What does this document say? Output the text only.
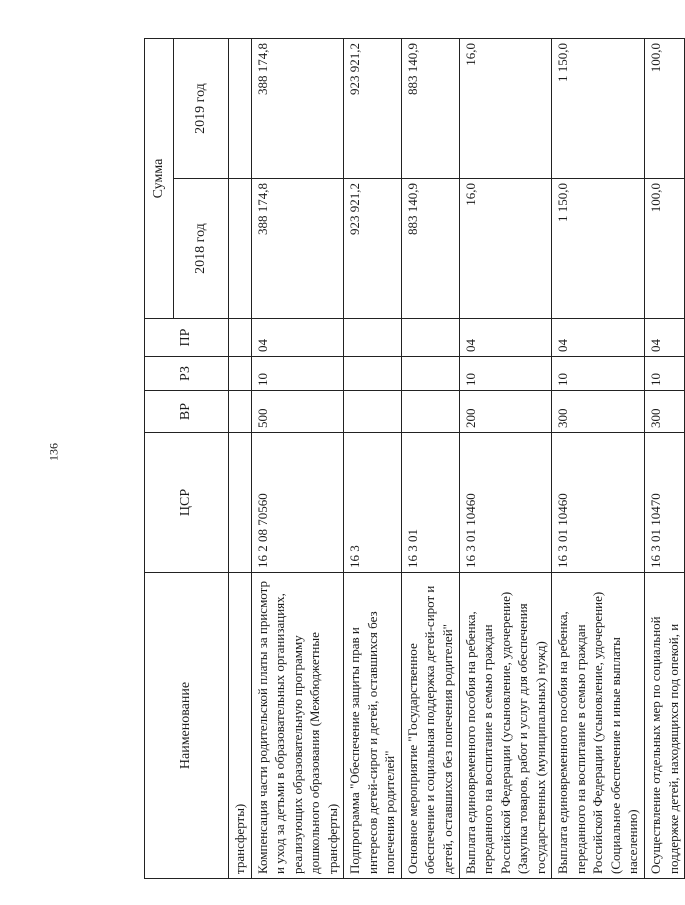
136
Наименование	ЦСР	ВР	РЗ	ПР	Сумма	
					2018 год	2019 год
трансферты)						
Компенсация части родительской платы за присмотр и уход за детьми в образовательных организациях, реализующих образовательную программу дошкольного образования (Межбюджетные трансферты)	16 2 08 70560	500	10	04	388 174,8	388 174,8
Подпрограмма "Обеспечение защиты прав и интересов детей-сирот и детей, оставшихся без попечения родителей"	16 3				923 921,2	923 921,2
Основное мероприятие "Государственное обеспечение и социальная поддержка детей-сирот и детей, оставшихся без попечения родителей"	16 3 01				883 140,9	883 140,9
Выплата единовременного пособия на ребенка, переданного на воспитание в семью граждан Российской Федерации (усыновление, удочерение) (Закупка товаров, работ и услуг для обеспечения государственных (муниципальных) нужд)	16 3 01 10460	200	10	04	16,0	16,0
Выплата единовременного пособия на ребенка, переданного на воспитание в семью граждан Российской Федерации (усыновление, удочерение) (Социальное обеспечение и иные выплаты населению)	16 3 01 10460	300	10	04	1 150,0	1 150,0
Осуществление отдельных мер по социальной поддержке детей, находящихся под опекой, и	16 3 01 10470	300	10	04	100,0	100,0
